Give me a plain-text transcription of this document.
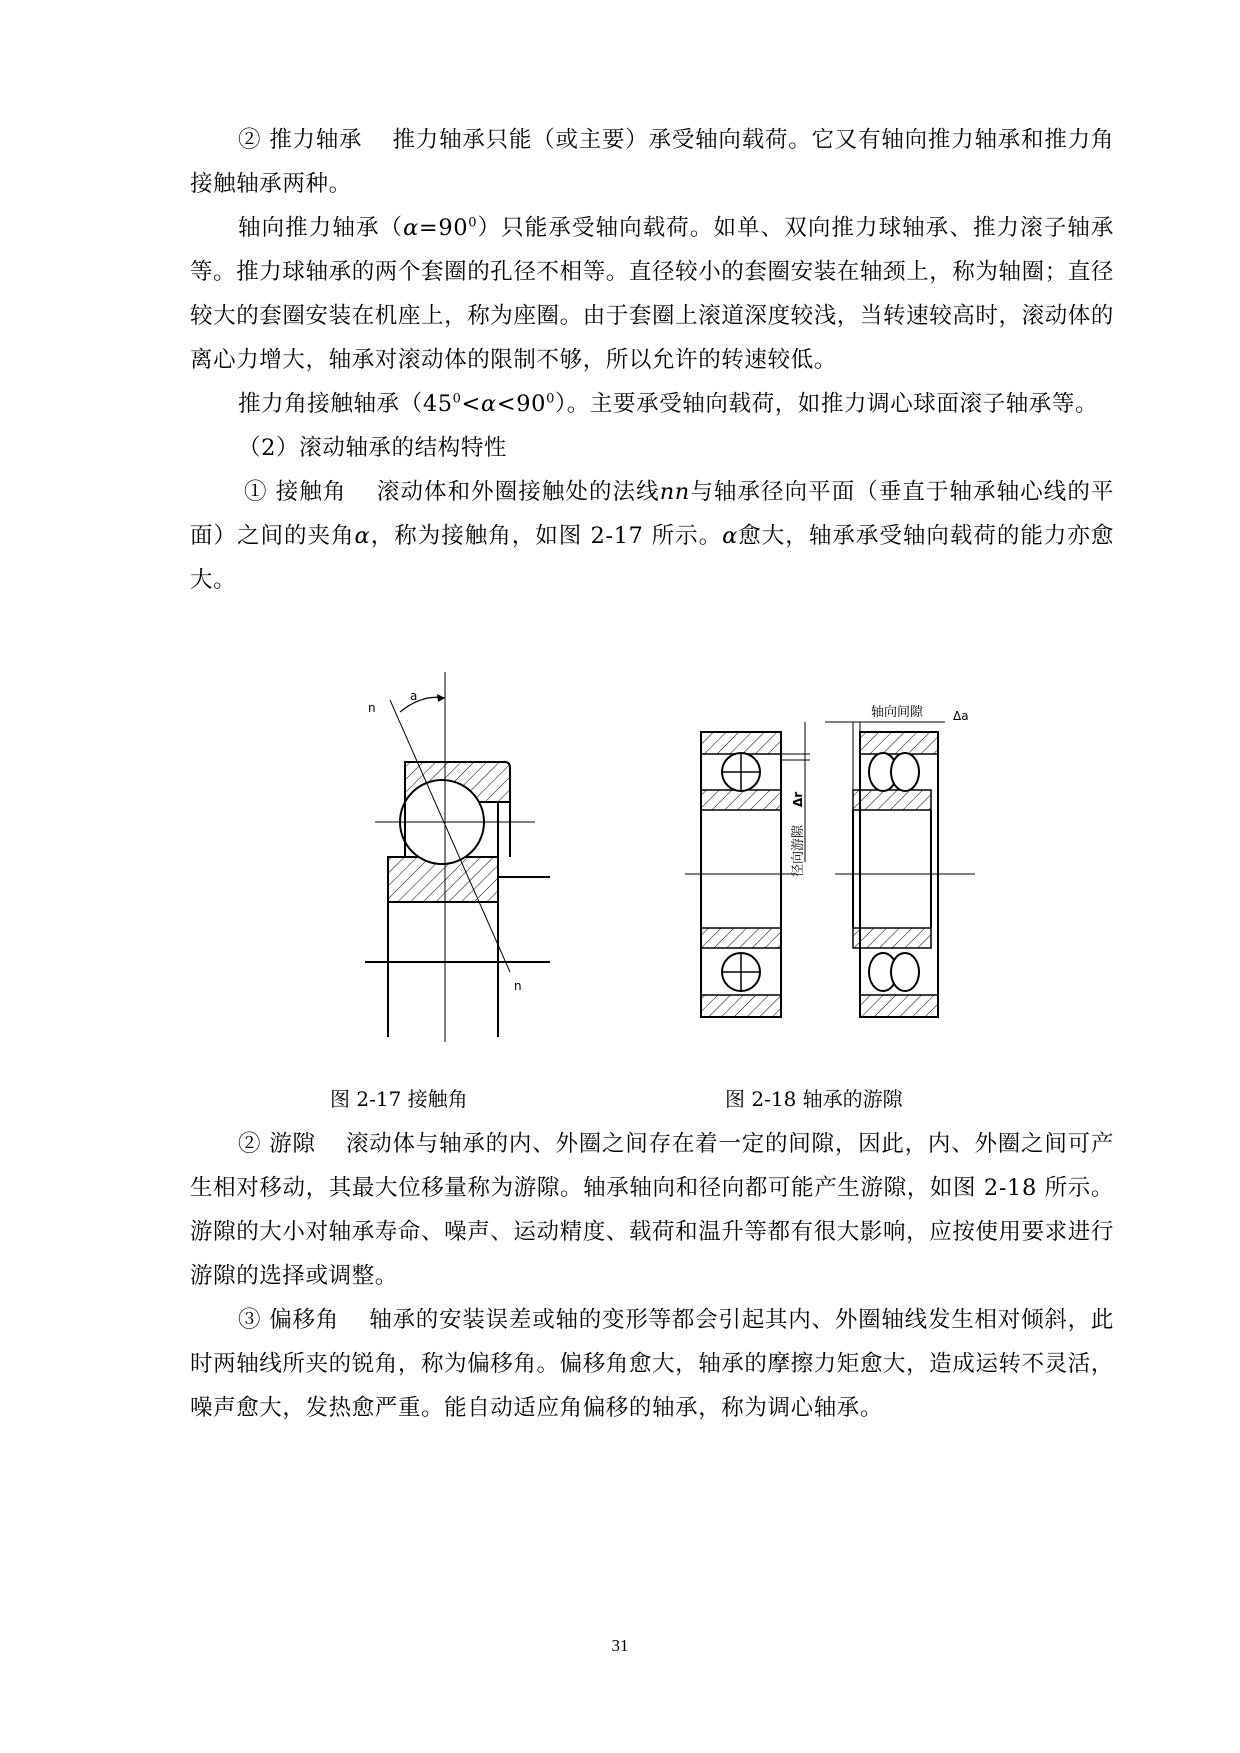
② 推力轴承 推力轴承只能（或主要）承受轴向载荷。它又有轴向推力轴承和推力角接触轴承两种。

轴向推力轴承$(\alpha=90^0)$只能承受轴向载荷。如单、双向推力球轴承、推力滚子轴承等。推力球轴承的两个套圈的孔径不相等。直径较小的套圈安装在轴颈上，称为轴圈；直径较大的套圈安装在机座上，称为座圈。由于套圈上滚道深度较浅，当转速较高时，滚动体的离心力增大，轴承对滚动体的限制不够，所以允许的转速较低。

推力角接触轴承$(45^0<\alpha<90^0)$。主要承受轴向载荷，如推力调心球面滚子轴承等。

（2）滚动轴承的结构特性

① 接触角 滚动体和外圈接触处的法线nn与轴承径向平面（垂直于轴承轴心线的平面）之间的夹角α，称为接触角，如图 2-17 所示。α愈大，轴承承受轴向载荷的能力亦愈大。

n
n
a
径向游隙
Δr
轴向间隙 Δa
图 2-17 接触角	图 2-18 轴承的游隙

② 游隙 滚动体与轴承的内、外圈之间存在着一定的间隙，因此，内、外圈之间可产生相对移动，其最大位移量称为游隙。轴承轴向和径向都可能产生游隙，如图 2-18 所示。游隙的大小对轴承寿命、噪声、运动精度、载荷和温升等都有很大影响，应按使用要求进行游隙的选择或调整。

③ 偏移角 轴承的安装误差或轴的变形等都会引起其内、外圈轴线发生相对倾斜，此时两轴线所夹的锐角，称为偏移角。偏移角愈大，轴承的摩擦力矩愈大，造成运转不灵活，噪声愈大，发热愈严重。能自动适应角偏移的轴承，称为调心轴承。

31
